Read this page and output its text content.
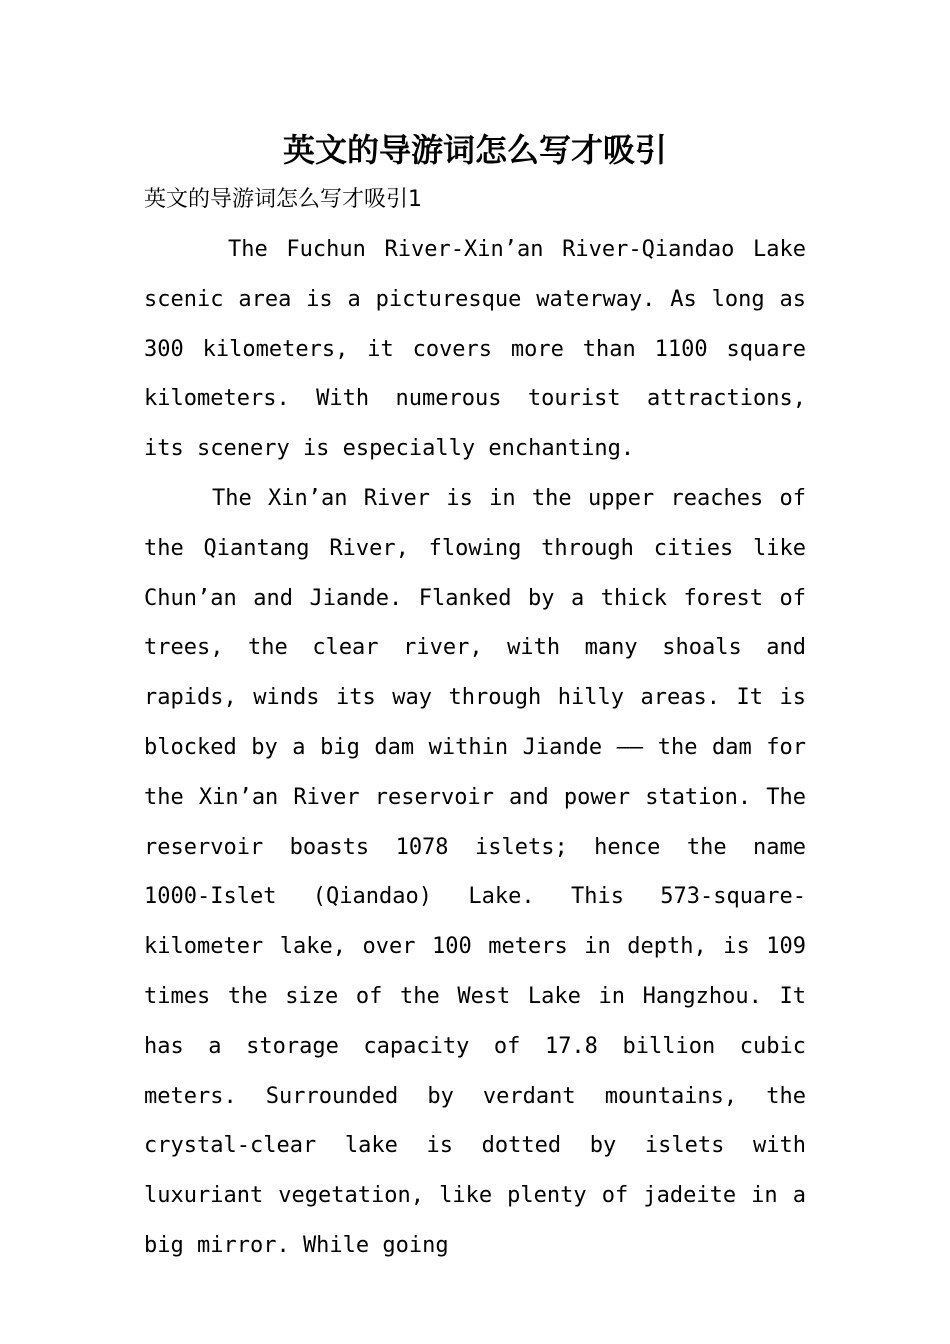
英文的导游词怎么写才吸引
英文的导游词怎么写才吸引1

The Fuchun River-Xin’an River-Qiandao Lake scenic area is a picturesque waterway. As long as 300 kilometers, it covers more than 1100 square kilometers. With numerous tourist attractions, its scenery is especially enchanting.

The Xin’an River is in the upper reaches of the Qiantang River, flowing through cities like Chun’an and Jiande. Flanked by a thick forest of trees, the clear river, with many shoals and rapids, winds its way through hilly areas. It is blocked by a big dam within Jiande —— the dam for the Xin’an River reservoir and power station. The reservoir boasts 1078 islets; hence the name 1000-Islet (Qiandao) Lake. This 573-square-kilometer lake, over 100 meters in depth, is 109 times the size of the West Lake in Hangzhou. It has a storage capacity of 17.8 billion cubic meters. Surrounded by verdant mountains, the crystal-clear lake is dotted by islets with luxuriant vegetation, like plenty of jadeite in a big mirror. While going
